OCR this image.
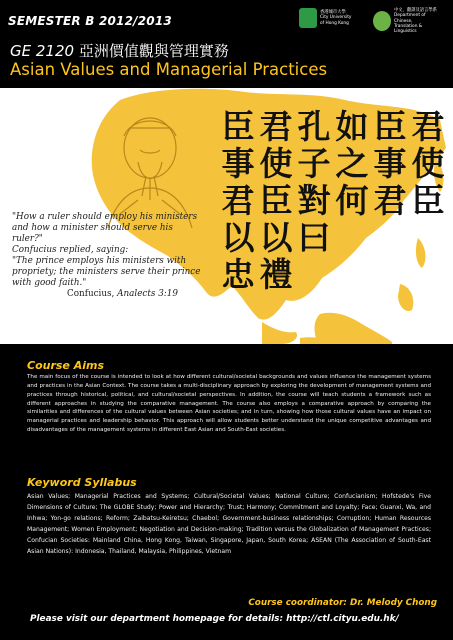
SEMESTER B 2012/2013
香港城市大學
City University
of Hong Kong
中文、翻譯及語言學系
Department of Chinese,
Translation & Linguistics
GE 2120 亞洲價值觀與管理實務
Asian Values and Managerial Practices
君
使
臣
臣
事
君
如
之
何
孔
子
對
曰
君
使
臣
以
禮
臣
事
君
以
忠

"How a ruler should employ his ministers

and how a minister should serve his

ruler?"

Confucius replied, saying:

"The prince employs his ministers with

propriety; the ministers serve their prince

with good faith."

Confucius, Analects 3:19

Course Aims
The main focus of the course is intended to look at how different cultural/societal backgrounds and values influence the management systems and practices in the Asian Context. The course takes a multi-disciplinary approach by exploring the development of management systems and practices through historical, political, and cultural/societal perspectives. In addition, the course will teach students a framework such as different approaches in studying the comparative management. The course also employs a comparative approach by comparing the similarities and differences of the cultural values between Asian societies; and in turn, showing how those cultural values have an impact on managerial practices and leadership behavior. This approach will allow students better understand the unique competitive advantages and disadvantages of the management systems in different East Asian and South-East societies.
Keyword Syllabus
Asian Values; Managerial Practices and Systems; Cultural/Societal Values; National Culture; Confucianism; Hofstede's Five Dimensions of Culture; The GLOBE Study; Power and Hierarchy; Trust; Harmony; Commitment and Loyalty; Face; Guanxi, Wa, and Inhwa; Yon-go relations; Reform; Zaibatsu-Keiretsu; Chaebol; Government-business relationships; Corruption; Human Resources Management; Women Employment; Negotiation and Decision-making; Tradition versus the Globalization of Management Practices; Confucian Societies: Mainland China, Hong Kong, Taiwan, Singapore, Japan, South Korea; ASEAN (The Association of South-East Asian Nations): Indonesia, Thailand, Malaysia, Philippines, Vietnam
Course coordinator: Dr. Melody Chong
Please visit our department homepage for details: http://ctl.cityu.edu.hk/
